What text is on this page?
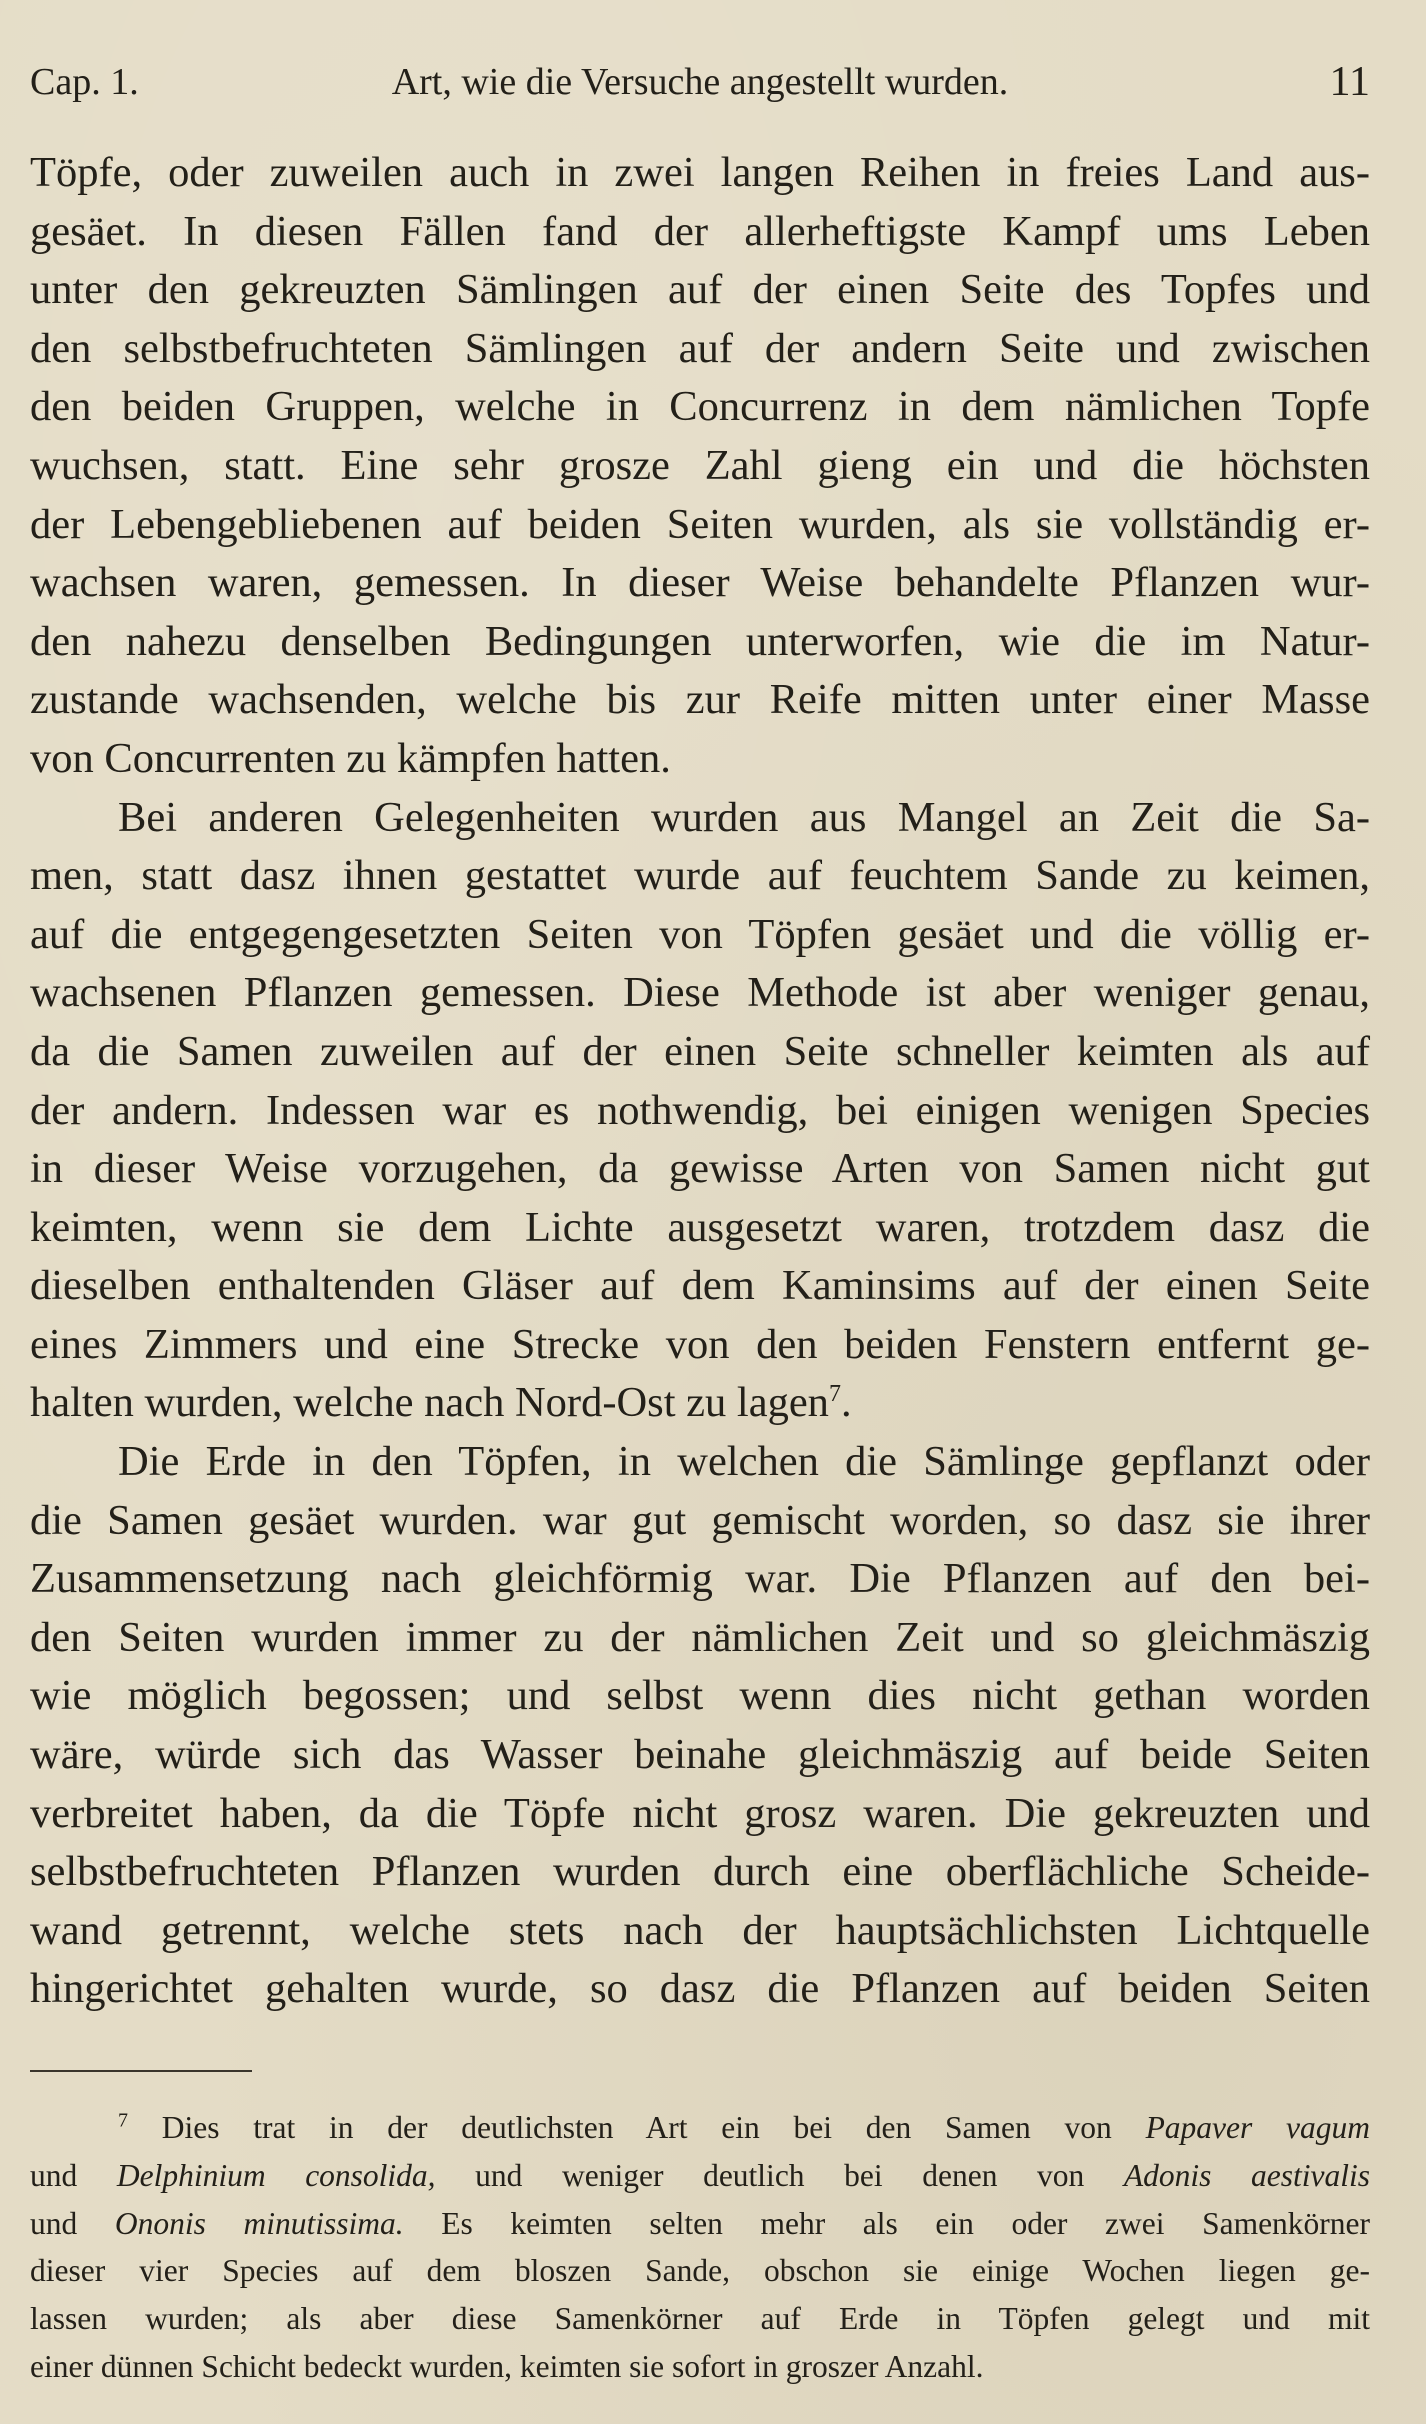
Cap. 1.	Art, wie die Versuche angestellt wurden.	11
Töpfe, oder zuweilen auch in zwei langen Reihen in freies Land aus-
gesäet. In diesen Fällen fand der allerheftigste Kampf ums Leben
unter den gekreuzten Sämlingen auf der einen Seite des Topfes und
den selbstbefruchteten Sämlingen auf der andern Seite und zwischen
den beiden Gruppen, welche in Concurrenz in dem nämlichen Topfe
wuchsen, statt. Eine sehr grosze Zahl gieng ein und die höchsten
der Lebengebliebenen auf beiden Seiten wurden, als sie vollständig er-
wachsen waren, gemessen. In dieser Weise behandelte Pflanzen wur-
den nahezu denselben Bedingungen unterworfen, wie die im Natur-
zustande wachsenden, welche bis zur Reife mitten unter einer Masse
von Concurrenten zu kämpfen hatten.
Bei anderen Gelegenheiten wurden aus Mangel an Zeit die Sa-
men, statt dasz ihnen gestattet wurde auf feuchtem Sande zu keimen,
auf die entgegengesetzten Seiten von Töpfen gesäet und die völlig er-
wachsenen Pflanzen gemessen. Diese Methode ist aber weniger genau,
da die Samen zuweilen auf der einen Seite schneller keimten als auf
der andern. Indessen war es nothwendig, bei einigen wenigen Species
in dieser Weise vorzugehen, da gewisse Arten von Samen nicht gut
keimten, wenn sie dem Lichte ausgesetzt waren, trotzdem dasz die
dieselben enthaltenden Gläser auf dem Kaminsims auf der einen Seite
eines Zimmers und eine Strecke von den beiden Fenstern entfernt ge-
halten wurden, welche nach Nord-Ost zu lagen$^7$.
Die Erde in den Töpfen, in welchen die Sämlinge gepflanzt oder
die Samen gesäet wurden. war gut gemischt worden, so dasz sie ihrer
Zusammensetzung nach gleichförmig war. Die Pflanzen auf den bei-
den Seiten wurden immer zu der nämlichen Zeit und so gleichmäszig
wie möglich begossen; und selbst wenn dies nicht gethan worden
wäre, würde sich das Wasser beinahe gleichmäszig auf beide Seiten
verbreitet haben, da die Töpfe nicht grosz waren. Die gekreuzten und
selbstbefruchteten Pflanzen wurden durch eine oberflächliche Scheide-
wand getrennt, welche stets nach der hauptsächlichsten Lichtquelle
hingerichtet gehalten wurde, so dasz die Pflanzen auf beiden Seiten
$^7$ Dies trat in der deutlichsten Art ein bei den Samen von Papaver vagum
und Delphinium consolida, und weniger deutlich bei denen von Adonis aestivalis
und Ononis minutissima. Es keimten selten mehr als ein oder zwei Samenkörner
dieser vier Species auf dem bloszen Sande, obschon sie einige Wochen liegen ge-
lassen wurden; als aber diese Samenkörner auf Erde in Töpfen gelegt und mit
einer dünnen Schicht bedeckt wurden, keimten sie sofort in groszer Anzahl.
